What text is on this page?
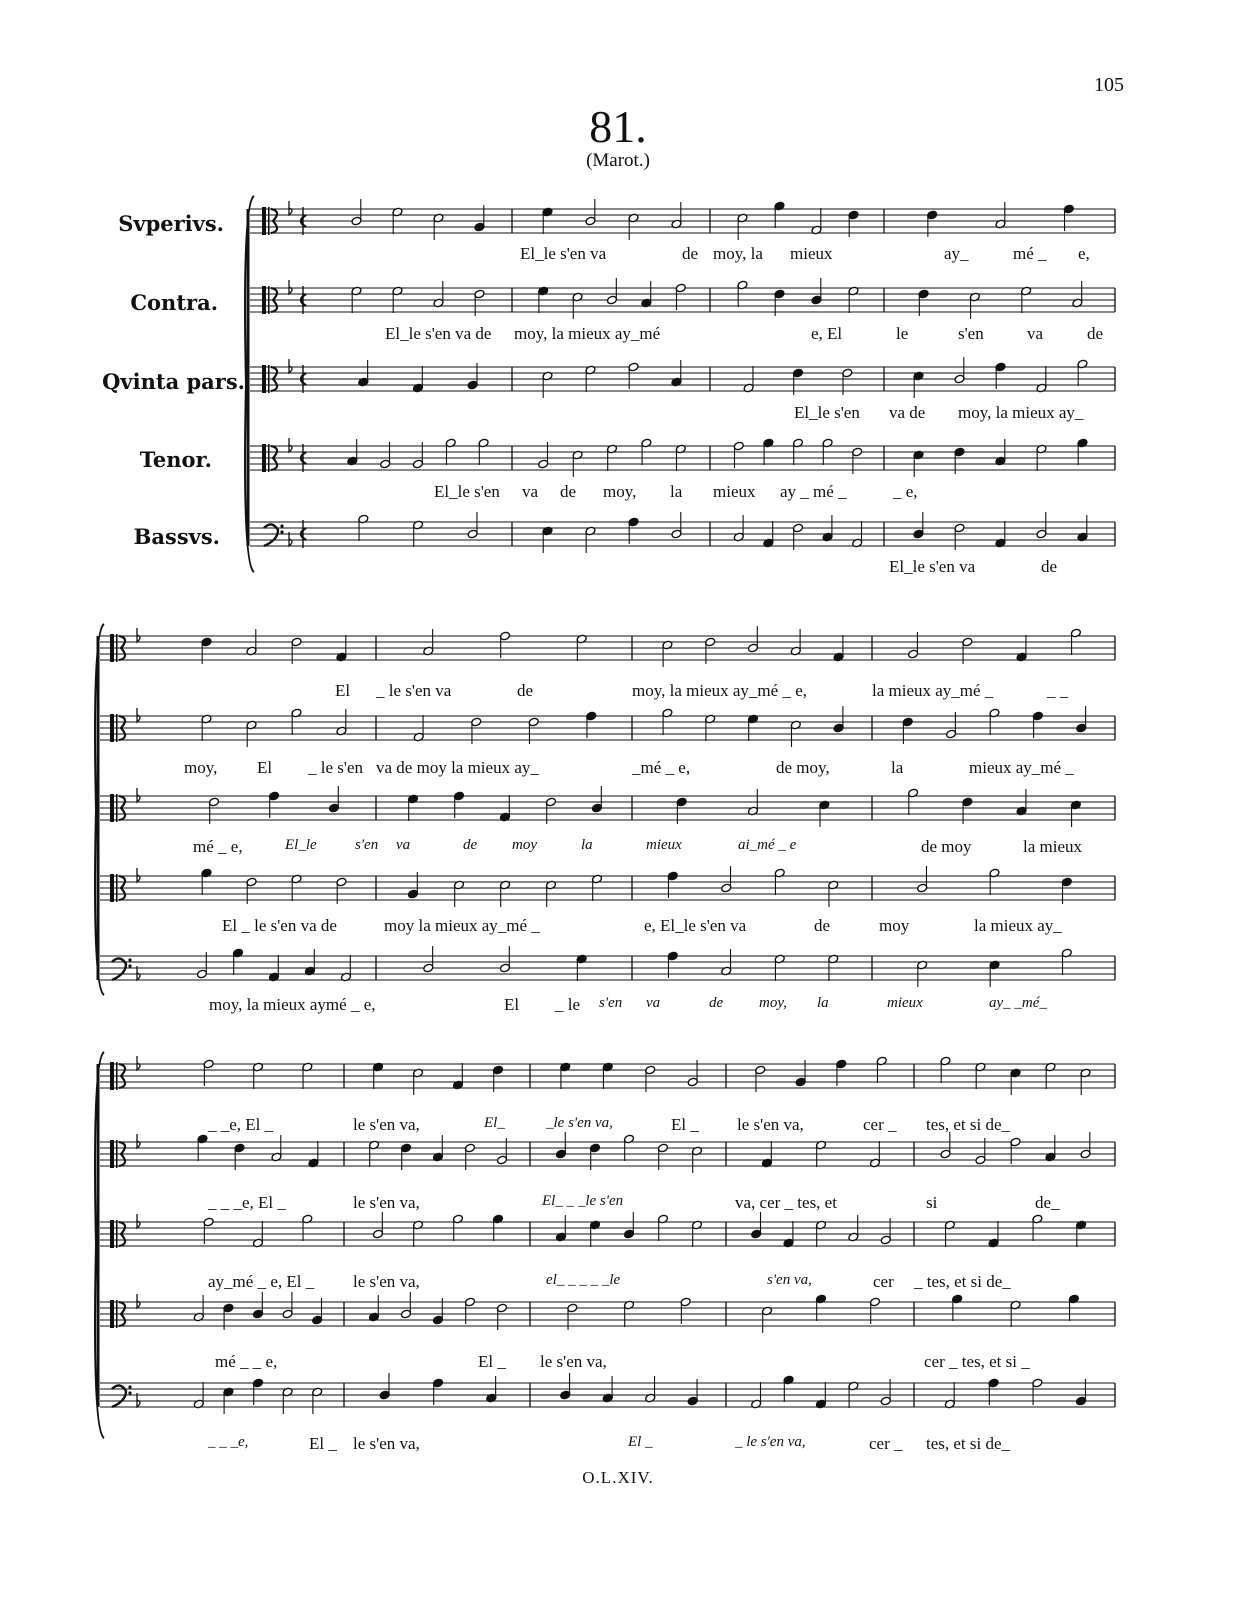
105
81.
(Marot.)
Svperivs.
Contra.
Qvinta pars.
Tenor.
Bassvs.
El_le s'en va	de moy, la mieux	ay_	mé _ e,
El_le s'en va de moy, la mieux ay_mé	e, El	le	s'en	va	de
El_le s'en va de moy, la mieux ay_
El_le s'en va de moy, la mieux ay _ mé _	_ e,
El_le s'en va	de
El _ le s'en va	de	moy, la mieux ay_mé _ e,	la mieux ay_mé _	_ _
moy, El _ le s'en va de moy la mieux ay_	_mé _ e,	de moy,	la	mieux ay_mé _
mé _ e,	El_le	s'en va	de moy	la	mieux	ai_mé _ e	de moy	la mieux
El _ le s'en va de	moy la mieux ay_mé _	e, El_le s'en va	de	moy	la mieux ay_
moy, la mieux aymé _ e,	El _ le s'en va	de moy, la	mieux	ay_ _mé_
_ _e, El _	le s'en va,	El_	_le s'en va,	El _ le s'en va,	cer _ tes, et si de_
_ _ _e, El _	le s'en va,	El_ _ _le s'en	va, cer _ tes, et	si	de_
ay_mé _ e, El _ le s'en va,	el_ _ _ _ _le	s'en va,	cer _ tes, et si de_
mé _ _ e,	El _ le s'en va,	cer _ tes, et si _
_ _ _e,	El _ le s'en va,	El _	_ le s'en va,	cer _ tes, et si de_
O.L.XIV.
